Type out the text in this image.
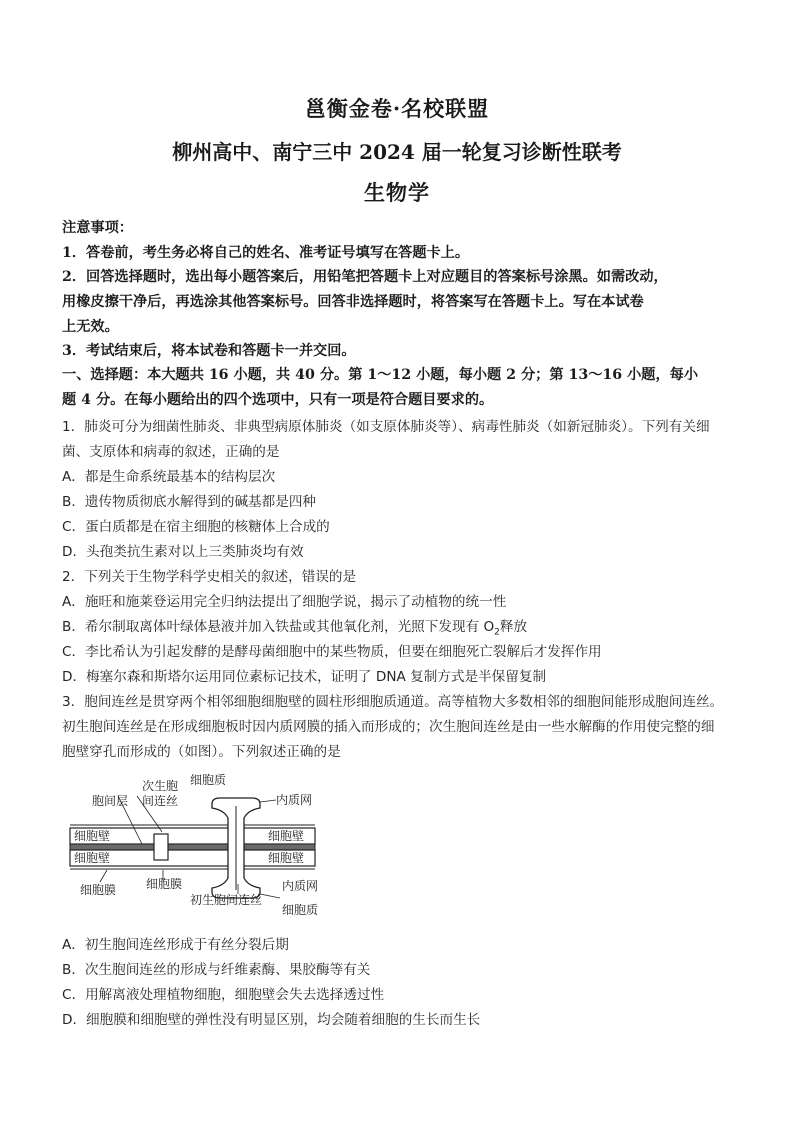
邕衡金卷·名校联盟
柳州高中、南宁三中 2024 届一轮复习诊断性联考
生物学
注意事项：
1．答卷前，考生务必将自己的姓名、准考证号填写在答题卡上。
2．回答选择题时，选出每小题答案后，用铅笔把答题卡上对应题目的答案标号涂黑。如需改动，
用橡皮擦干净后，再选涂其他答案标号。回答非选择题时，将答案写在答题卡上。写在本试卷
上无效。
3．考试结束后，将本试卷和答题卡一并交回。
一、选择题：本大题共 16 小题，共 40 分。第 1～12 小题，每小题 2 分；第 13～16 小题，每小
题 4 分。在每小题给出的四个选项中，只有一项是符合题目要求的。
1．肺炎可分为细菌性肺炎、非典型病原体肺炎（如支原体肺炎等）、病毒性肺炎（如新冠肺炎）。下列有关细
菌、支原体和病毒的叙述，正确的是
A．都是生命系统最基本的结构层次
B．遗传物质彻底水解得到的碱基都是四种
C．蛋白质都是在宿主细胞的核糖体上合成的
D．头孢类抗生素对以上三类肺炎均有效
2．下列关于生物学科学史相关的叙述，错误的是
A．施旺和施莱登运用完全归纳法提出了细胞学说，揭示了动植物的统一性
B．希尔制取离体叶绿体悬液并加入铁盐或其他氧化剂，光照下发现有 $O_2$释放
C．李比希认为引起发酵的是酵母菌细胞中的某些物质，但要在细胞死亡裂解后才发挥作用
D．梅塞尔森和斯塔尔运用同位素标记技术，证明了 DNA 复制方式是半保留复制
3．胞间连丝是贯穿两个相邻细胞细胞壁的圆柱形细胞质通道。高等植物大多数相邻的细胞间能形成胞间连丝。
初生胞间连丝是在形成细胞板时因内质网膜的插入而形成的；次生胞间连丝是由一些水解酶的作用使完整的细
胞壁穿孔而形成的（如图）。下列叙述正确的是
细胞质
次生胞
间连丝
胞间层	内质网
细胞壁
细胞壁
细胞壁
细胞壁
细胞膜 细胞膜
初生胞间连丝
内质网
细胞质
A．初生胞间连丝形成于有丝分裂后期
B．次生胞间连丝的形成与纤维素酶、果胶酶等有关
C．用解离液处理植物细胞，细胞壁会失去选择透过性
D．细胞膜和细胞壁的弹性没有明显区别，均会随着细胞的生长而生长
